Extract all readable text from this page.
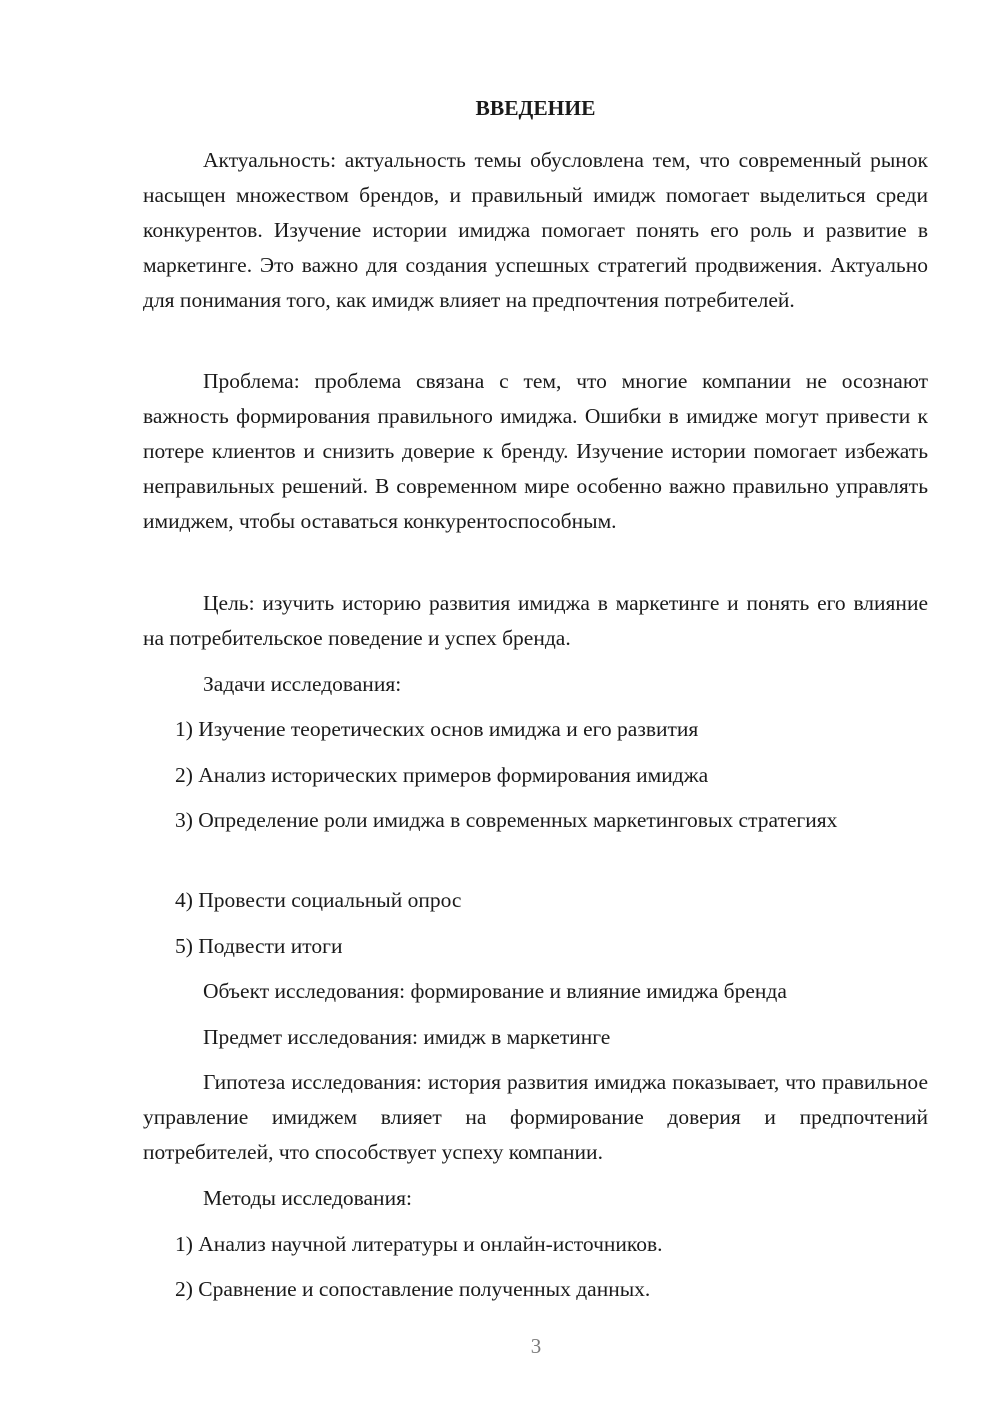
ВВЕДЕНИЕ

Актуальность: актуальность темы обусловлена тем, что современный рынок насыщен множеством брендов, и правильный имидж помогает выделиться среди конкурентов. Изучение истории имиджа помогает понять его роль и развитие в маркетинге. Это важно для создания успешных стратегий продвижения. Актуально для понимания того, как имидж влияет на предпочтения потребителей.

Проблема: проблема связана с тем, что многие компании не осознают важность формирования правильного имиджа. Ошибки в имидже могут привести к потере клиентов и снизить доверие к бренду. Изучение истории помогает избежать неправильных решений. В современном мире особенно важно правильно управлять имиджем, чтобы оставаться конкурентоспособным.

Цель: изучить историю развития имиджа в маркетинге и понять его влияние на потребительское поведение и успех бренда.

Задачи исследования:
1) Изучение теоретических основ имиджа и его развития
2) Анализ исторических примеров формирования имиджа

3) Определение роли имиджа в современных маркетинговых стратегиях

4) Провести социальный опрос
5) Подвести итоги
Объект исследования: формирование и влияние имиджа бренда
Предмет исследования: имидж в маркетинге

Гипотеза исследования: история развития имиджа показывает, что правильное управление имиджем влияет на формирование доверия и предпочтений потребителей, что способствует успеху компании.

Методы исследования:
1) Анализ научной литературы и онлайн-источников.
2) Сравнение и сопоставление полученных данных.
3
